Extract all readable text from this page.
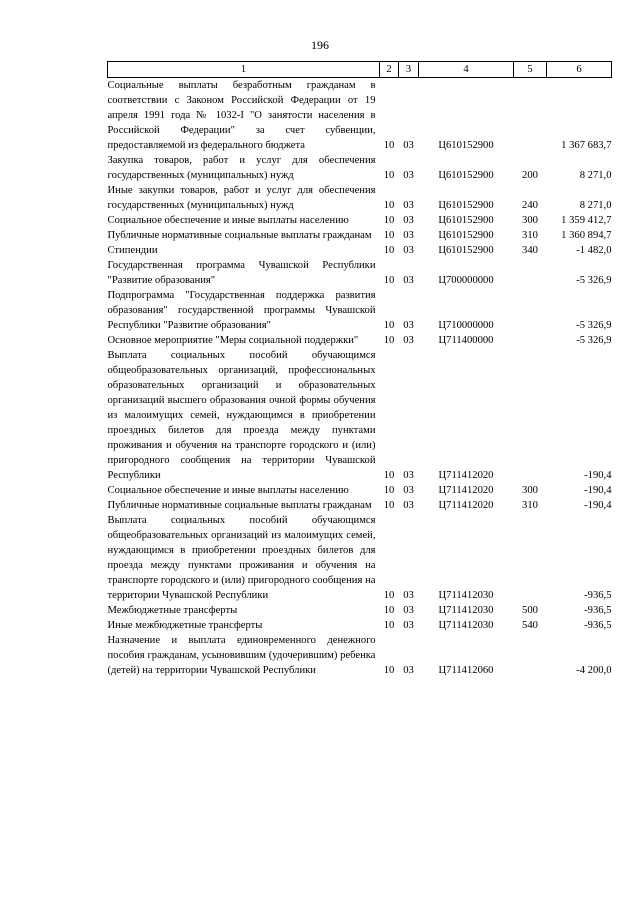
196
1	2	3	4	5	6
Социальные выплаты безработным гражданам в соответствии с Законом Российской Федерации от 19 апреля 1991 года № 1032-I "О занятости населения в Российской Федерации" за счет субвенции, предоставляемой из федерального бюджета	10	03	Ц610152900		1 367 683,7
Закупка товаров, работ и услуг для обеспечения государственных (муниципальных) нужд	10	03	Ц610152900	200	8 271,0
Иные закупки товаров, работ и услуг для обеспечения государственных (муниципальных) нужд	10	03	Ц610152900	240	8 271,0
Социальное обеспечение и иные выплаты населению	10	03	Ц610152900	300	1 359 412,7
Публичные нормативные социальные выплаты гражданам	10	03	Ц610152900	310	1 360 894,7
Стипендии	10	03	Ц610152900	340	-1 482,0
Государственная программа Чувашской Республики "Развитие образования"	10	03	Ц700000000		-5 326,9
Подпрограмма "Государственная поддержка развития образования" государственной программы Чувашской Республики "Развитие образования"	10	03	Ц710000000		-5 326,9
Основное мероприятие "Меры социальной поддержки"	10	03	Ц711400000		-5 326,9
Выплата социальных пособий обучающимся общеобразовательных организаций, профессиональных образовательных организаций и образовательных организаций высшего образования очной формы обучения из малоимущих семей, нуждающимся в приобретении проездных билетов для проезда между пунктами проживания и обучения на транспорте городского и (или) пригородного сообщения на территории Чувашской Республики	10	03	Ц711412020		-190,4
Социальное обеспечение и иные выплаты населению	10	03	Ц711412020	300	-190,4
Публичные нормативные социальные выплаты гражданам	10	03	Ц711412020	310	-190,4
Выплата социальных пособий обучающимся общеобразовательных организаций из малоимущих семей, нуждающимся в приобретении проездных билетов для проезда между пунктами проживания и обучения на транспорте городского и (или) пригородного сообщения на территории Чувашской Республики	10	03	Ц711412030		-936,5
Межбюджетные трансферты	10	03	Ц711412030	500	-936,5
Иные межбюджетные трансферты	10	03	Ц711412030	540	-936,5
Назначение и выплата единовременного денежного пособия гражданам, усыновившим (удочерившим) ребенка (детей) на территории Чувашской Республики	10	03	Ц711412060		-4 200,0
